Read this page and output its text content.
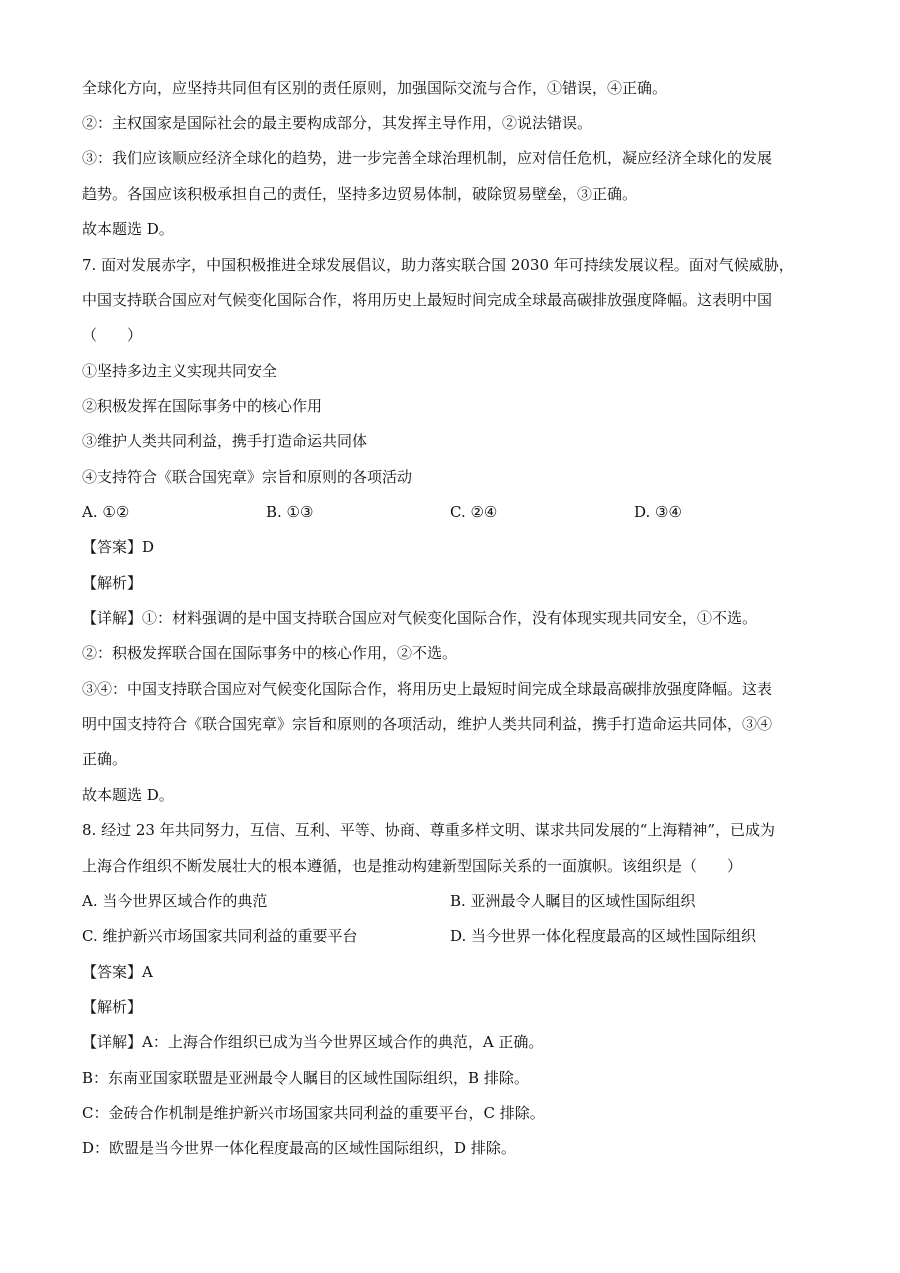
全球化方向，应坚持共同但有区别的责任原则，加强国际交流与合作，①错误，④正确。
②：主权国家是国际社会的最主要构成部分，其发挥主导作用，②说法错误。
③：我们应该顺应经济全球化的趋势，进一步完善全球治理机制，应对信任危机，凝应经济全球化的发展
趋势。各国应该积极承担自己的责任，坚持多边贸易体制，破除贸易壁垒，③正确。
故本题选 D。
7. 面对发展赤字，中国积极推进全球发展倡议，助力落实联合国 2030 年可持续发展议程。面对气候威胁，
中国支持联合国应对气候变化国际合作，将用历史上最短时间完成全球最高碳排放强度降幅。这表明中国
（　　）
①坚持多边主义实现共同安全
②积极发挥在国际事务中的核心作用
③维护人类共同利益，携手打造命运共同体
④支持符合《联合国宪章》宗旨和原则的各项活动
A. ①②	B. ①③	C. ②④	D. ③④
【答案】D
【解析】
【详解】①：材料强调的是中国支持联合国应对气候变化国际合作，没有体现实现共同安全，①不选。
②：积极发挥联合国在国际事务中的核心作用，②不选。
③④：中国支持联合国应对气候变化国际合作，将用历史上最短时间完成全球最高碳排放强度降幅。这表
明中国支持符合《联合国宪章》宗旨和原则的各项活动，维护人类共同利益，携手打造命运共同体，③④
正确。
故本题选 D。
8. 经过 23 年共同努力，互信、互利、平等、协商、尊重多样文明、谋求共同发展的“上海精神”，已成为
上海合作组织不断发展壮大的根本遵循，也是推动构建新型国际关系的一面旗帜。该组织是（　　）
A. 当今世界区域合作的典范	B. 亚洲最令人瞩目的区域性国际组织
C. 维护新兴市场国家共同利益的重要平台	D. 当今世界一体化程度最高的区域性国际组织
【答案】A
【解析】
【详解】A：上海合作组织已成为当今世界区域合作的典范，A 正确。
B：东南亚国家联盟是亚洲最令人瞩目的区域性国际组织，B 排除。
C：金砖合作机制是维护新兴市场国家共同利益的重要平台，C 排除。
D：欧盟是当今世界一体化程度最高的区域性国际组织，D 排除。
